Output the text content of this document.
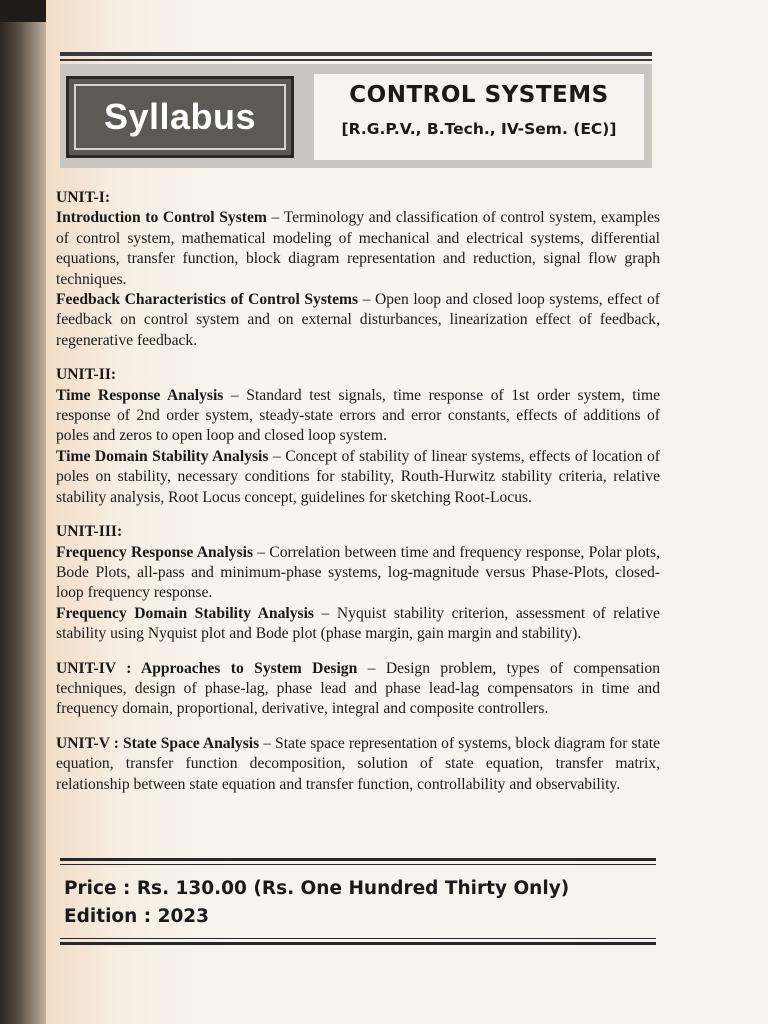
Syllabus
CONTROL SYSTEMS
[R.G.P.V., B.Tech., IV-Sem. (EC)]
UNIT-I:

Introduction to Control System – Terminology and classification of control system, examples of control system, mathematical modeling of mechanical and electrical systems, differential equations, transfer function, block diagram representation and reduction, signal flow graph techniques.

Feedback Characteristics of Control Systems – Open loop and closed loop systems, effect of feedback on control system and on external disturbances, linearization effect of feedback, regenerative feedback.

UNIT-II:

Time Response Analysis – Standard test signals, time response of 1st order system, time response of 2nd order system, steady-state errors and error constants, effects of additions of poles and zeros to open loop and closed loop system.

Time Domain Stability Analysis – Concept of stability of linear systems, effects of location of poles on stability, necessary conditions for stability, Routh-Hurwitz stability criteria, relative stability analysis, Root Locus concept, guidelines for sketching Root-Locus.

UNIT-III:

Frequency Response Analysis – Correlation between time and frequency response, Polar plots, Bode Plots, all-pass and minimum-phase systems, log-magnitude versus Phase-Plots, closed-loop frequency response.

Frequency Domain Stability Analysis – Nyquist stability criterion, assessment of relative stability using Nyquist plot and Bode plot (phase margin, gain margin and stability).

UNIT-IV : Approaches to System Design – Design problem, types of compensation techniques, design of phase-lag, phase lead and phase lead-lag compensators in time and frequency domain, proportional, derivative, integral and composite controllers.

UNIT-V : State Space Analysis – State space representation of systems, block diagram for state equation, transfer function decomposition, solution of state equation, transfer matrix, relationship between state equation and transfer function, controllability and observability.

Price : Rs. 130.00 (Rs. One Hundred Thirty Only)
Edition : 2023
